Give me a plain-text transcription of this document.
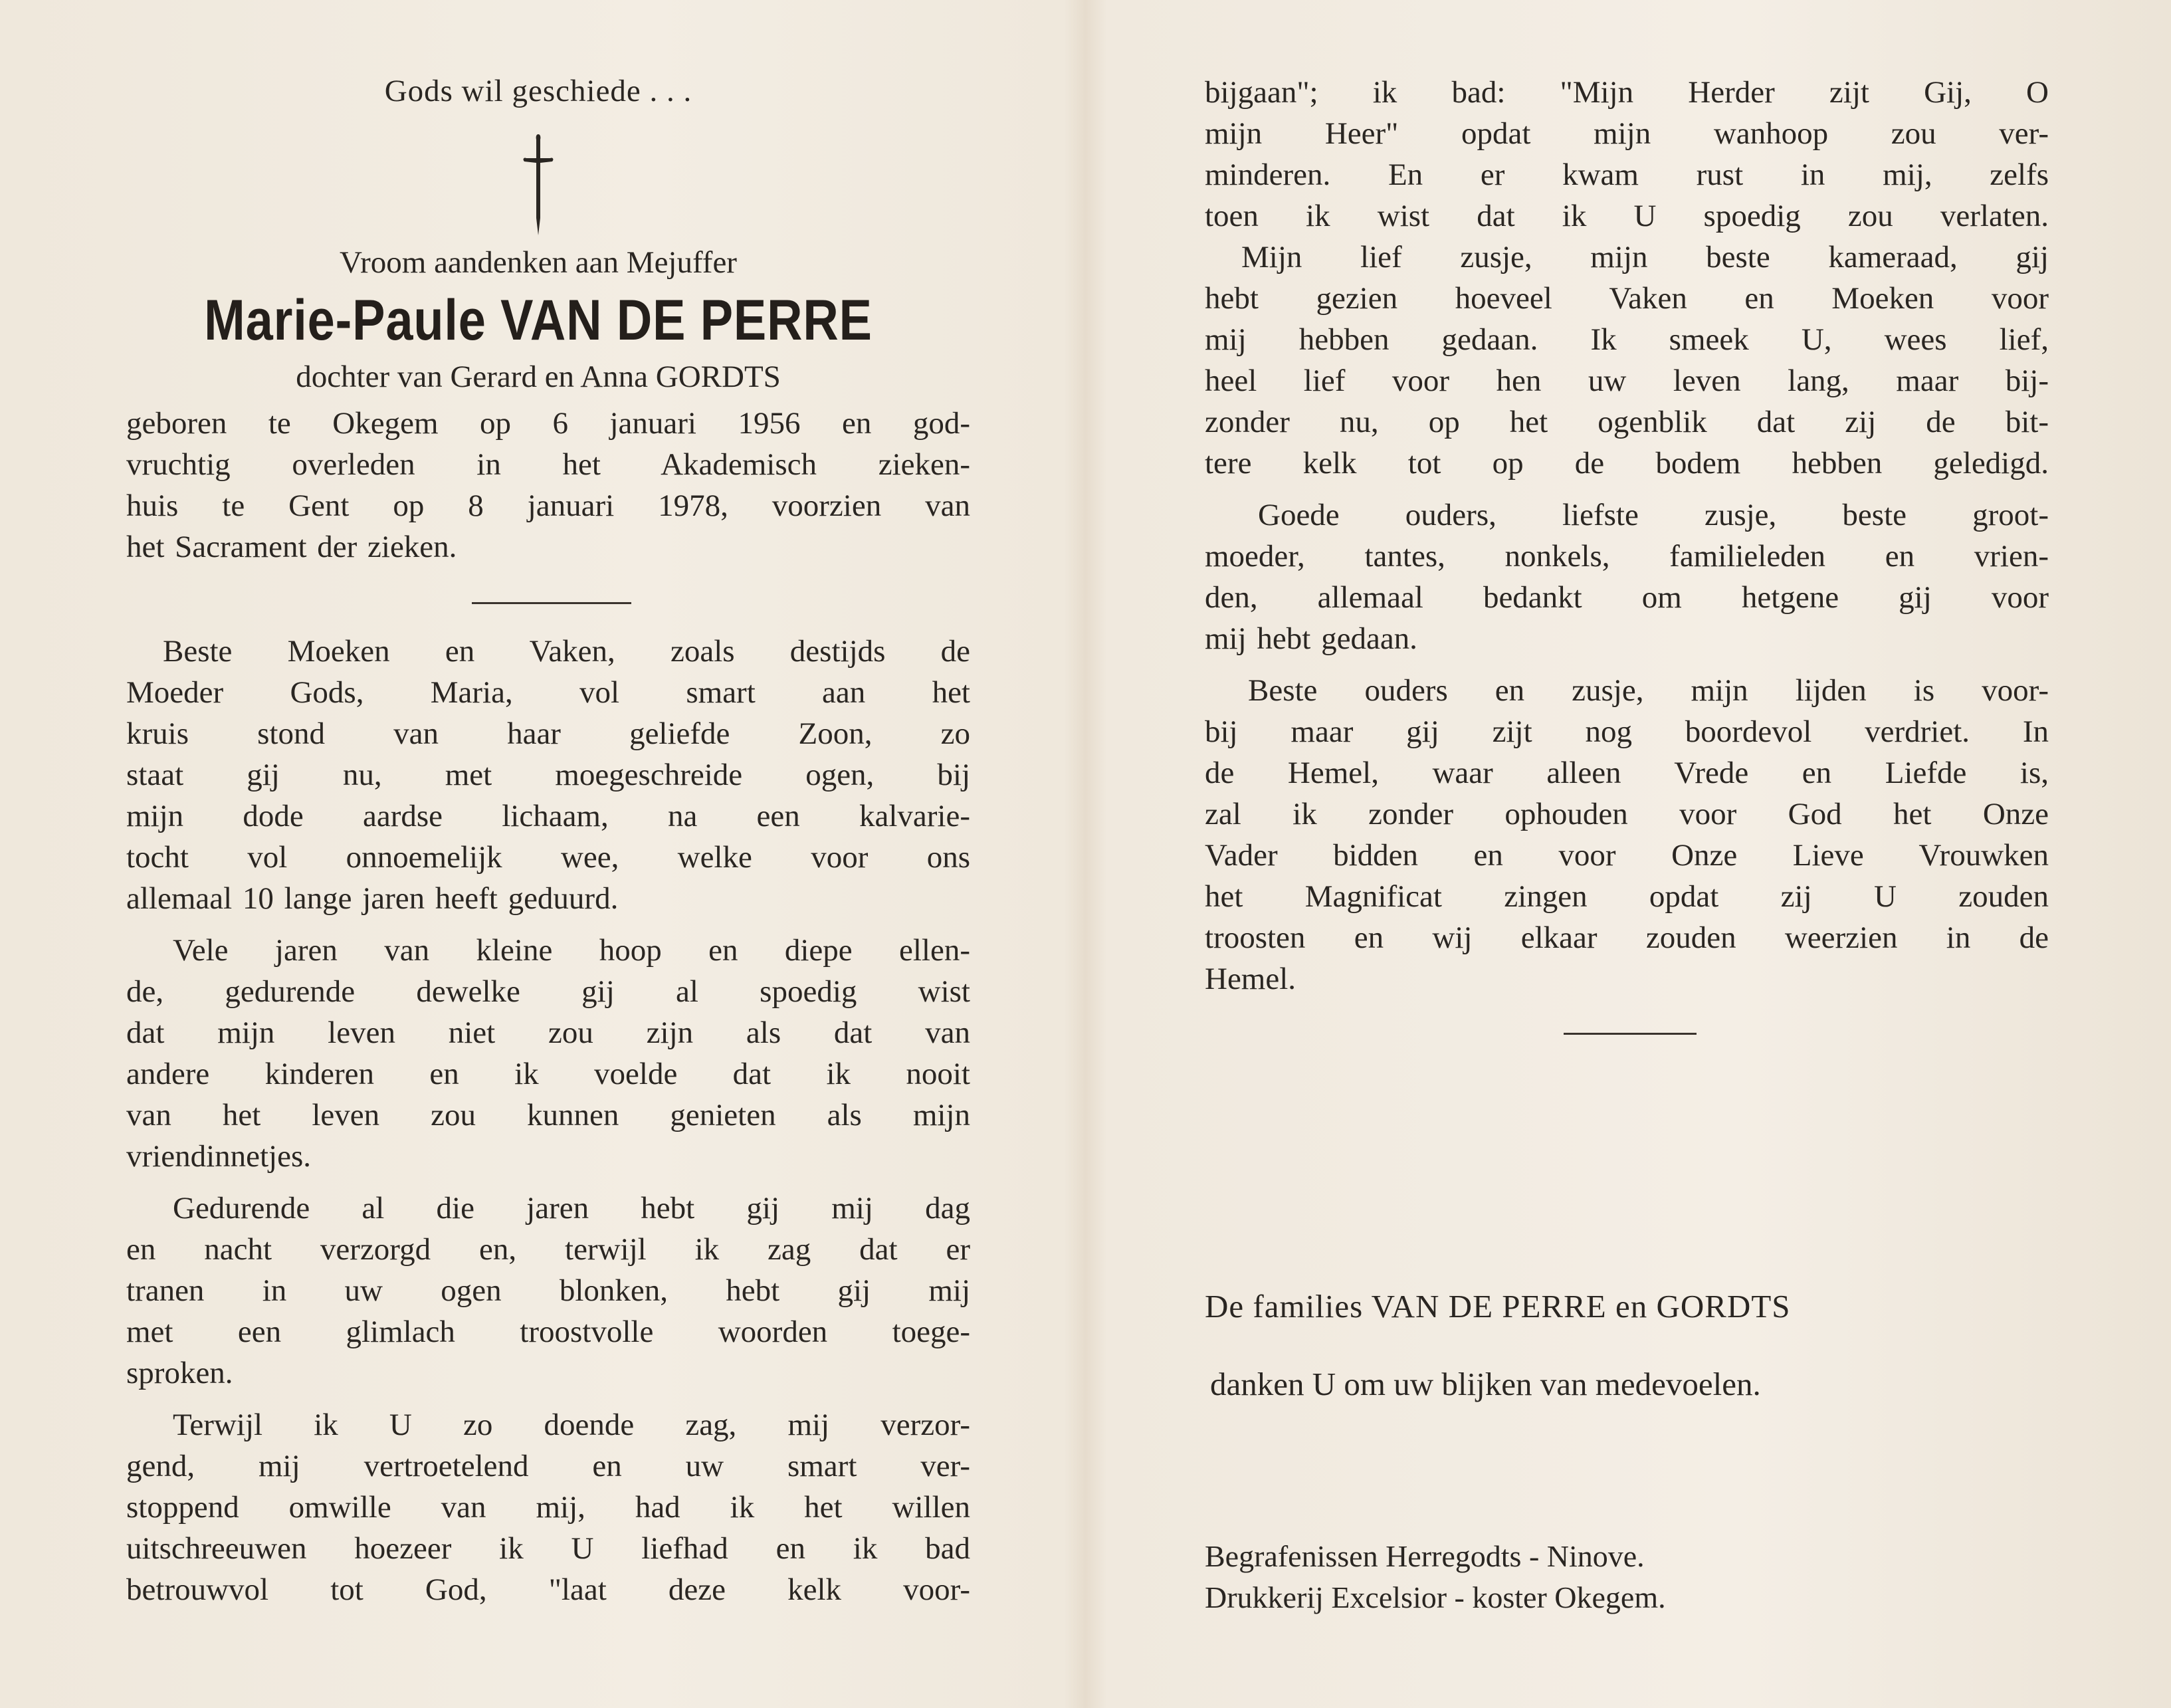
Gods wil geschiede . . .

Vroom aandenken aan Mejuffer

Marie-Paule VAN DE PERRE

dochter van Gerard en Anna GORDTS

geboren te Okegem op 6 januari 1956 en god-
vruchtig overleden in het Akademisch zieken-
huis te Gent op 8 januari 1978, voorzien van
het Sacrament der zieken.
Beste Moeken en Vaken, zoals destijds de
Moeder Gods, Maria, vol smart aan het
kruis stond van haar geliefde Zoon, zo
staat gij nu, met moegeschreide ogen, bij
mijn dode aardse lichaam, na een kalvarie-
tocht vol onnoemelijk wee, welke voor ons
allemaal 10 lange jaren heeft geduurd.
Vele jaren van kleine hoop en diepe ellen-
de, gedurende dewelke gij al spoedig wist
dat mijn leven niet zou zijn als dat van
andere kinderen en ik voelde dat ik nooit
van het leven zou kunnen genieten als mijn
vriendinnetjes.
Gedurende al die jaren hebt gij mij dag
en nacht verzorgd en, terwijl ik zag dat er
tranen in uw ogen blonken, hebt gij mij
met een glimlach troostvolle woorden toege-
sproken.
Terwijl ik U zo doende zag, mij verzor-
gend, mij vertroetelend en uw smart ver-
stoppend omwille van mij, had ik het willen
uitschreeuwen hoezeer ik U liefhad en ik bad
betrouwvol tot God, "laat deze kelk voor-
bijgaan"; ik bad: "Mijn Herder zijt Gij, O
mijn Heer" opdat mijn wanhoop zou ver-
minderen. En er kwam rust in mij, zelfs
toen ik wist dat ik U spoedig zou verlaten.
Mijn lief zusje, mijn beste kameraad, gij
hebt gezien hoeveel Vaken en Moeken voor
mij hebben gedaan. Ik smeek U, wees lief,
heel lief voor hen uw leven lang, maar bij-
zonder nu, op het ogenblik dat zij de bit-
tere kelk tot op de bodem hebben geledigd.
Goede ouders, liefste zusje, beste groot-
moeder, tantes, nonkels, familieleden en vrien-
den, allemaal bedankt om hetgene gij voor
mij hebt gedaan.
Beste ouders en zusje, mijn lijden is voor-
bij maar gij zijt nog boordevol verdriet. In
de Hemel, waar alleen Vrede en Liefde is,
zal ik zonder ophouden voor God het Onze
Vader bidden en voor Onze Lieve Vrouwken
het Magnificat zingen opdat zij U zouden
troosten en wij elkaar zouden weerzien in de
Hemel.

De families VAN DE PERRE en GORDTS

danken U om uw blijken van medevoelen.

Begrafenissen Herregodts - Ninove.

Drukkerij Excelsior - koster Okegem.
